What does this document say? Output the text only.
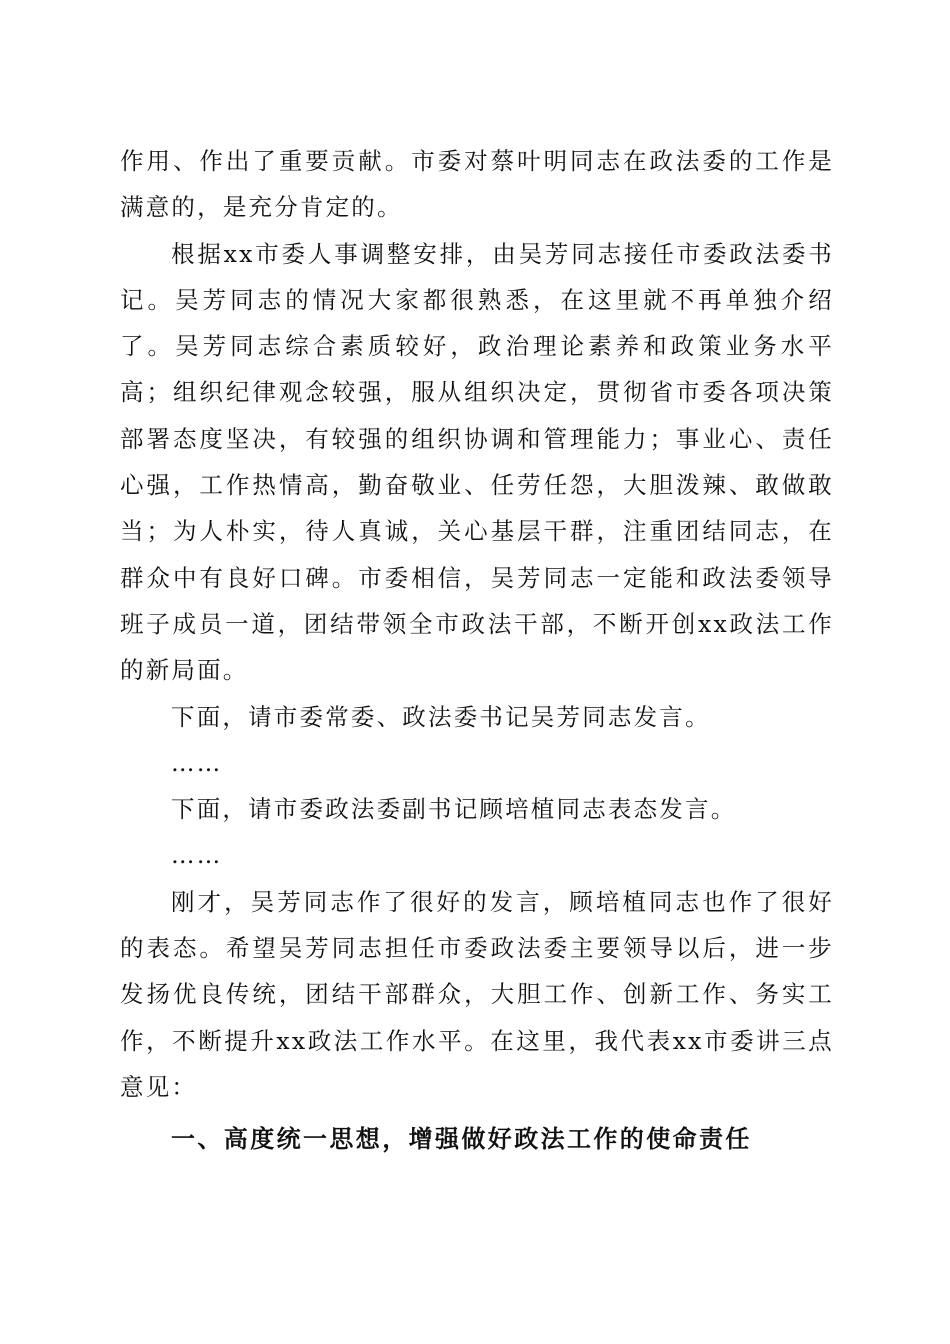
作用、作出了重要贡献。市委对蔡叶明同志在政法委的工作是满意的，是充分肯定的。

根据xx市委人事调整安排，由吴芳同志接任市委政法委书记。吴芳同志的情况大家都很熟悉，在这里就不再单独介绍了。吴芳同志综合素质较好，政治理论素养和政策业务水平高；组织纪律观念较强，服从组织决定，贯彻省市委各项决策部署态度坚决，有较强的组织协调和管理能力；事业心、责任心强，工作热情高，勤奋敬业、任劳任怨，大胆泼辣、敢做敢当；为人朴实，待人真诚，关心基层干群，注重团结同志，在群众中有良好口碑。市委相信，吴芳同志一定能和政法委领导班子成员一道，团结带领全市政法干部，不断开创xx政法工作的新局面。

下面，请市委常委、政法委书记吴芳同志发言。

……

下面，请市委政法委副书记顾培植同志表态发言。

……

刚才，吴芳同志作了很好的发言，顾培植同志也作了很好的表态。希望吴芳同志担任市委政法委主要领导以后，进一步发扬优良传统，团结干部群众，大胆工作、创新工作、务实工作，不断提升xx政法工作水平。在这里，我代表xx市委讲三点意见：

一、高度统一思想，增强做好政法工作的使命责任
